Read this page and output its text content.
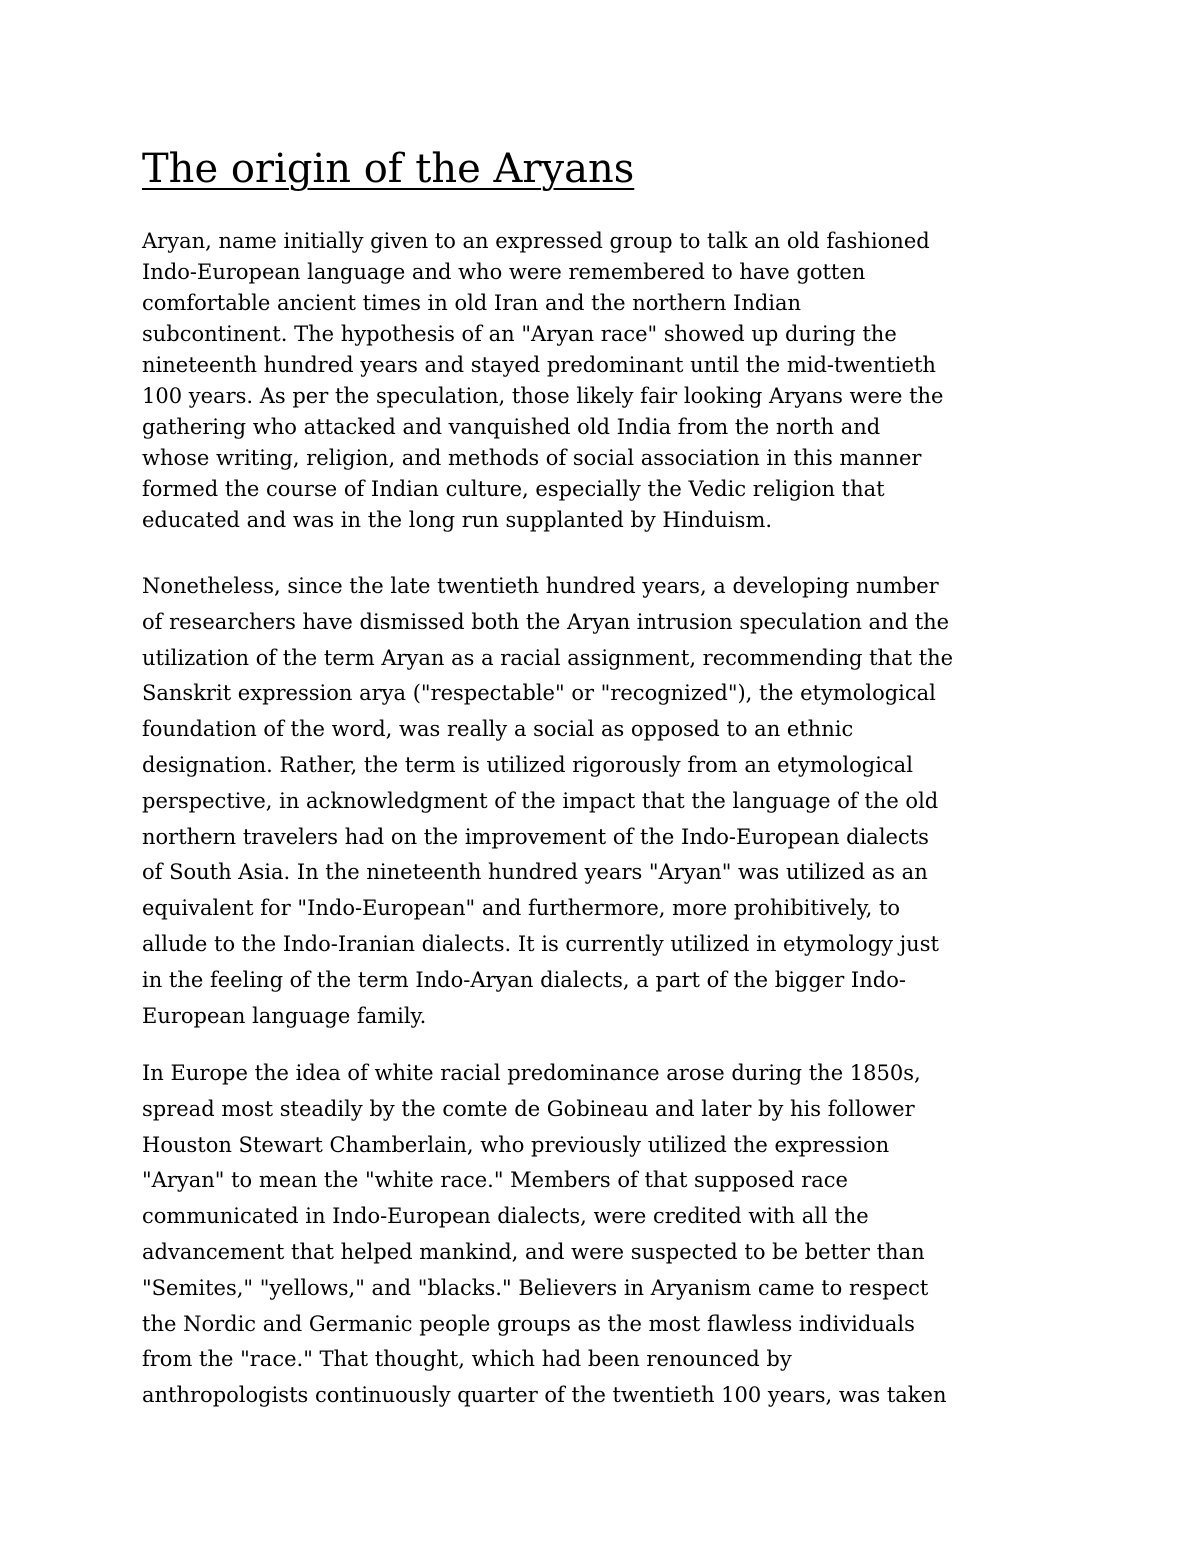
The origin of the Aryans

Aryan, name initially given to an expressed group to talk an old fashioned
Indo-European language and who were remembered to have gotten
comfortable ancient times in old Iran and the northern Indian
subcontinent. The hypothesis of an "Aryan race" showed up during the
nineteenth hundred years and stayed predominant until the mid-twentieth
100 years. As per the speculation, those likely fair looking Aryans were the
gathering who attacked and vanquished old India from the north and
whose writing, religion, and methods of social association in this manner
formed the course of Indian culture, especially the Vedic religion that
educated and was in the long run supplanted by Hinduism.

Nonetheless, since the late twentieth hundred years, a developing number
of researchers have dismissed both the Aryan intrusion speculation and the
utilization of the term Aryan as a racial assignment, recommending that the
Sanskrit expression arya ("respectable" or "recognized"), the etymological
foundation of the word, was really a social as opposed to an ethnic
designation. Rather, the term is utilized rigorously from an etymological
perspective, in acknowledgment of the impact that the language of the old
northern travelers had on the improvement of the Indo-European dialects
of South Asia. In the nineteenth hundred years "Aryan" was utilized as an
equivalent for "Indo-European" and furthermore, more prohibitively, to
allude to the Indo-Iranian dialects. It is currently utilized in etymology just
in the feeling of the term Indo-Aryan dialects, a part of the bigger Indo-
European language family.

In Europe the idea of white racial predominance arose during the 1850s,
spread most steadily by the comte de Gobineau and later by his follower
Houston Stewart Chamberlain, who previously utilized the expression
"Aryan" to mean the "white race." Members of that supposed race
communicated in Indo-European dialects, were credited with all the
advancement that helped mankind, and were suspected to be better than
"Semites," "yellows," and "blacks." Believers in Aryanism came to respect
the Nordic and Germanic people groups as the most flawless individuals
from the "race." That thought, which had been renounced by
anthropologists continuously quarter of the twentieth 100 years, was taken
